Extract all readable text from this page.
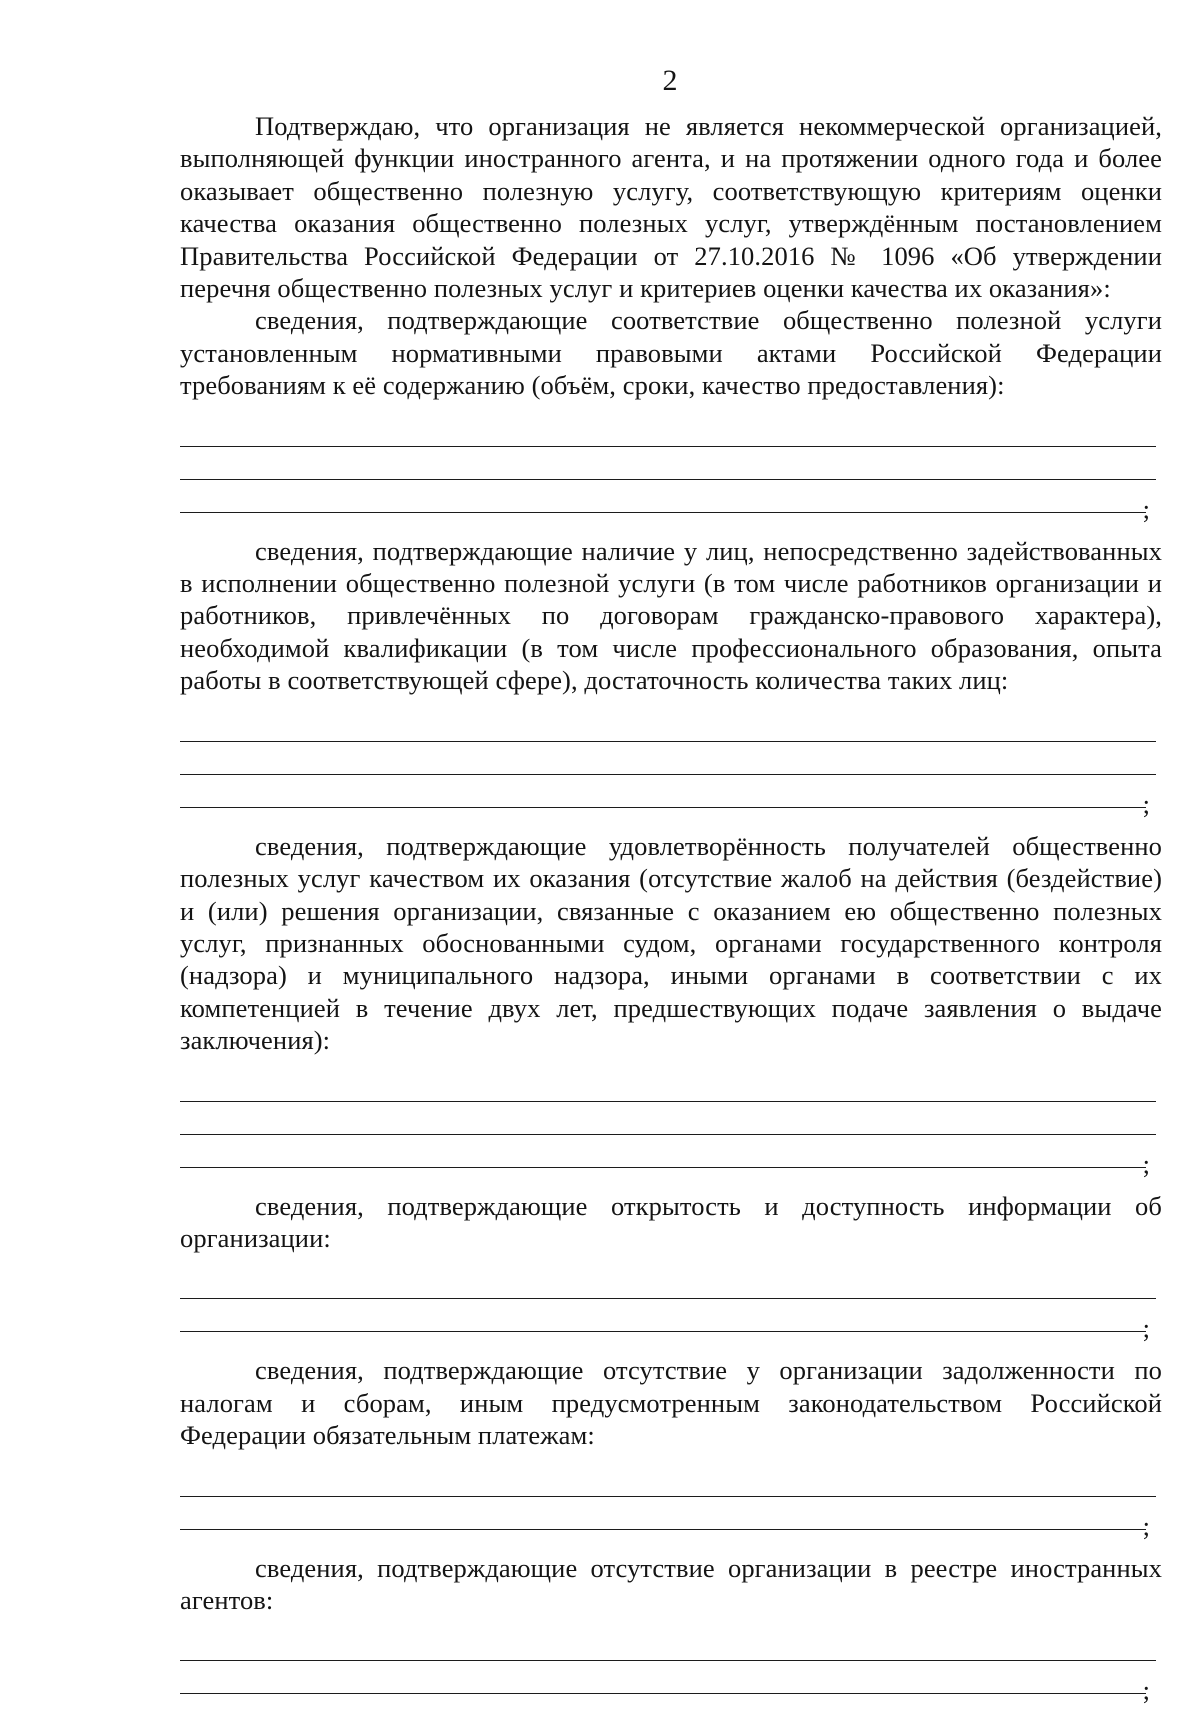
2

Подтверждаю, что организация не является некоммерческой организацией, выполняющей функции иностранного агента, и на протяжении одного года и более оказывает общественно полезную услугу, соответствующую критериям оценки качества оказания общественно полезных услуг, утверждённым постановлением Правительства Российской Федерации от 27.10.2016 № 1096 «Об утверждении перечня общественно полезных услуг и критериев оценки качества их оказания»:

сведения, подтверждающие соответствие общественно полезной услуги установленным нормативными правовыми актами Российской Федерации требованиям к её содержанию (объём, сроки, качество предоставления):

;

сведения, подтверждающие наличие у лиц, непосредственно задействованных в исполнении общественно полезной услуги (в том числе работников организации и работников, привлечённых по договорам гражданско-правового характера), необходимой квалификации (в том числе профессионального образования, опыта работы в соответствующей сфере), достаточность количества таких лиц:

;

сведения, подтверждающие удовлетворённость получателей общественно полезных услуг качеством их оказания (отсутствие жалоб на действия (бездействие) и (или) решения организации, связанные с оказанием ею общественно полезных услуг, признанных обоснованными судом, органами государственного контроля (надзора) и муниципального надзора, иными органами в соответствии с их компетенцией в течение двух лет, предшествующих подаче заявления о выдаче заключения):

;

сведения, подтверждающие открытость и доступность информации об организации:

;

сведения, подтверждающие отсутствие у организации задолженности по налогам и сборам, иным предусмотренным законодательством Российской Федерации обязательным платежам:

;

сведения, подтверждающие отсутствие организации в реестре иностранных агентов:

;
